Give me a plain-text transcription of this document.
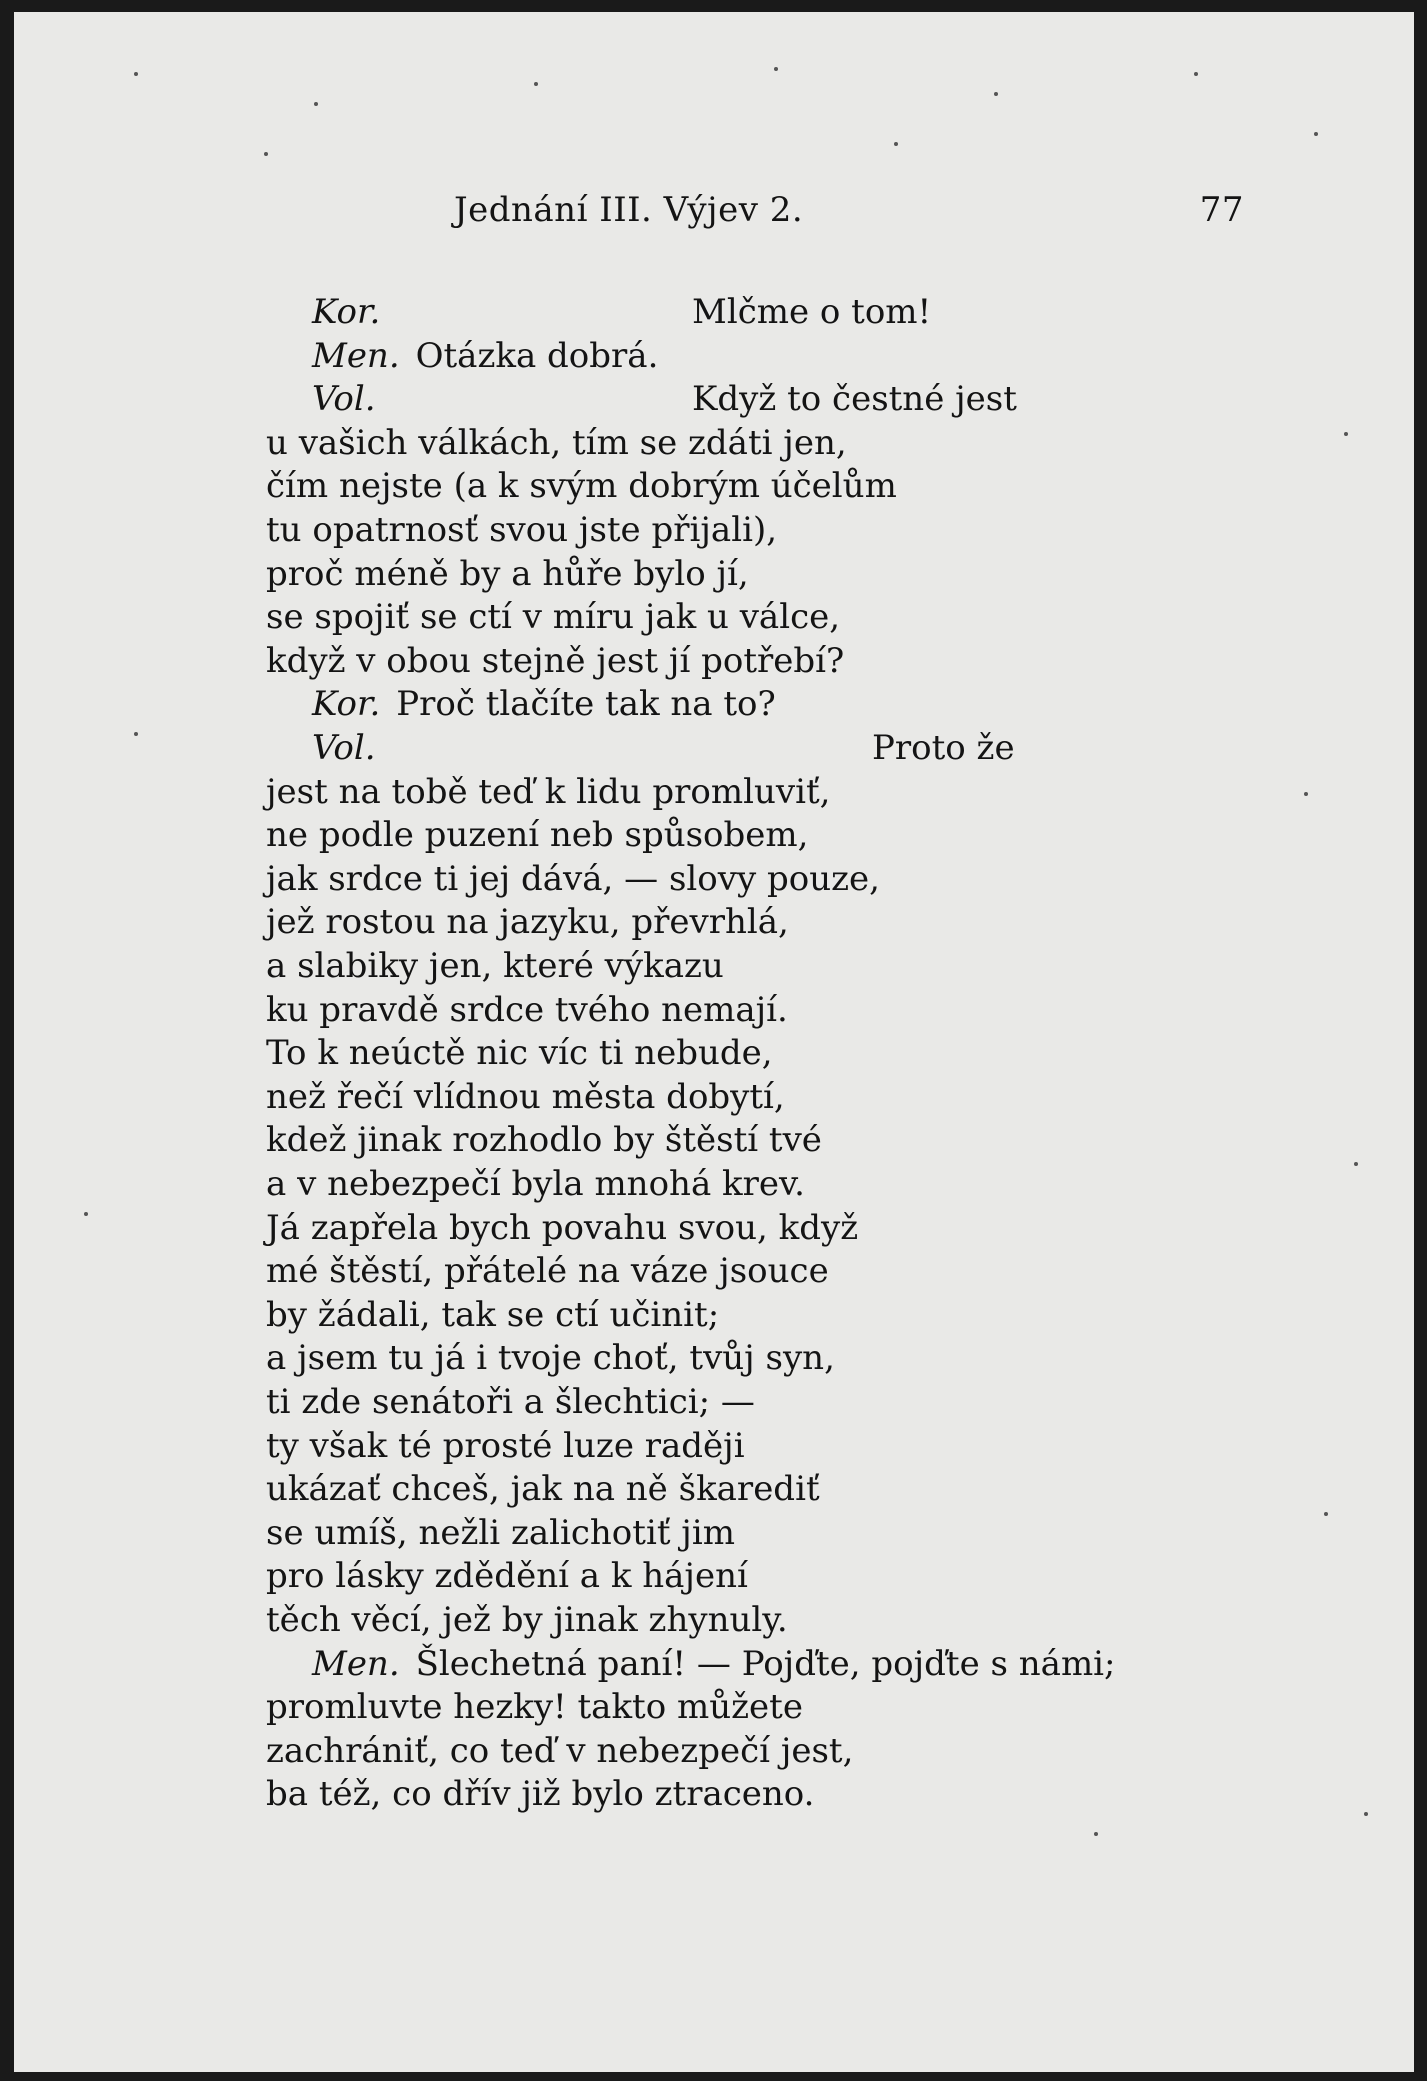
Jednání III. Výjev 2.	77
Kor.	Mlčme o tom!
Men. Otázka dobrá.
Vol.	Když to čestné jest
u vašich válkách, tím se zdáti jen,
čím nejste (a k svým dobrým účelům
tu opatrnosť svou jste přijali),
proč méně by a hůře bylo jí,
se spojiť se ctí v míru jak u válce,
když v obou stejně jest jí potřebí?
Kor. Proč tlačíte tak na to?
Vol.	Proto že
jest na tobě teď k lidu promluviť,
ne podle puzení neb spůsobem,
jak srdce ti jej dává, — slovy pouze,
jež rostou na jazyku, převrhlá,
a slabiky jen, které výkazu
ku pravdě srdce tvého nemají.
To k neúctě nic víc ti nebude,
než řečí vlídnou města dobytí,
kdež jinak rozhodlo by štěstí tvé
a v nebezpečí byla mnohá krev.
Já zapřela bych povahu svou, když
mé štěstí, přátelé na váze jsouce
by žádali, tak se ctí učinit;
a jsem tu já i tvoje choť, tvůj syn,
ti zde senátoři a šlechtici; —
ty však té prosté luze raději
ukázať chceš, jak na ně škarediť
se umíš, nežli zalichotiť jim
pro lásky zdědění a k hájení
těch věcí, jež by jinak zhynuly.
Men. Šlechetná paní! — Pojďte, pojďte s námi;
promluvte hezky! takto můžete
zachrániť, co teď v nebezpečí jest,
ba též, co dřív již bylo ztraceno.
